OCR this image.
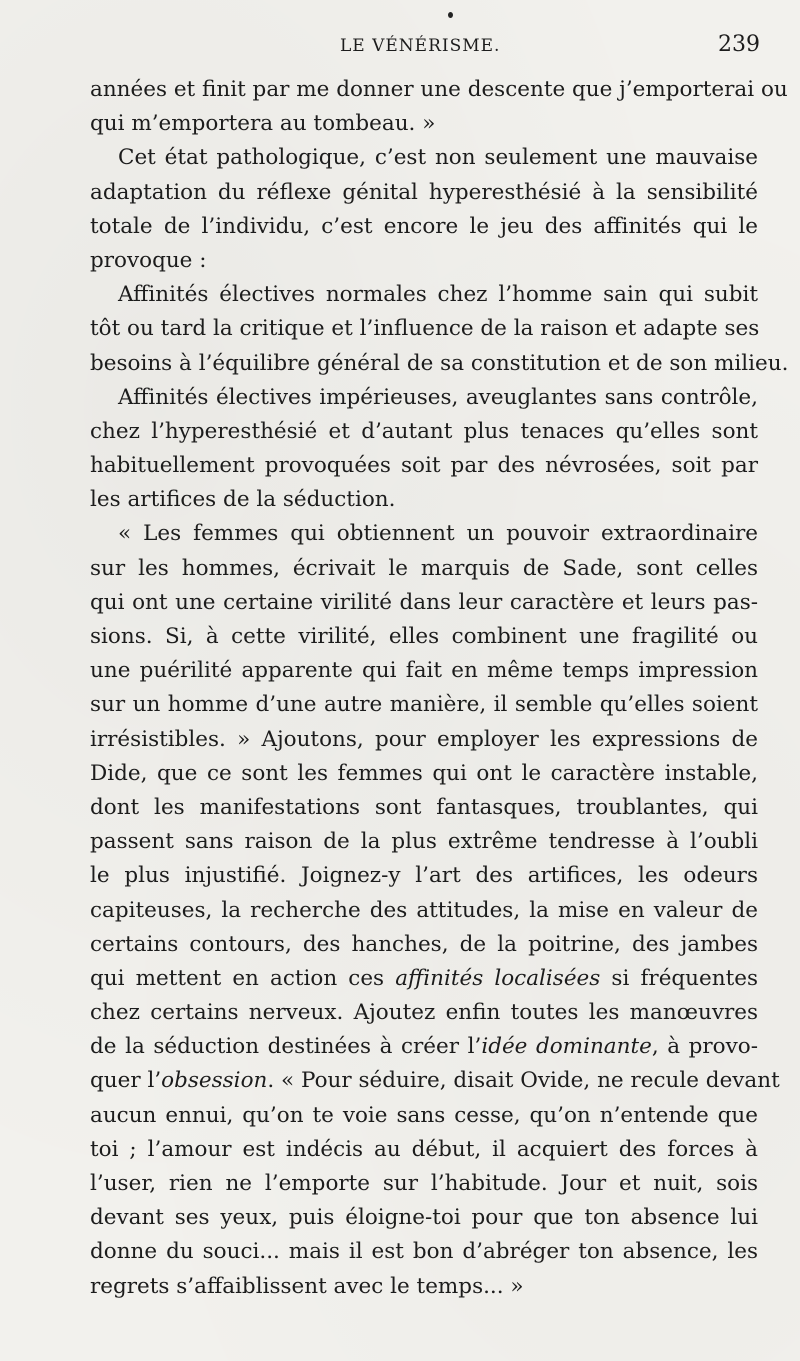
LE VÉNÉRISME.	239
années et finit par me donner une descente que j’emporterai ou
qui m’emportera au tombeau. »
Cet état pathologique, c’est non seulement une mauvaise
adaptation du réflexe génital hyperesthésié à la sensibilité
totale de l’individu, c’est encore le jeu des affinités qui le
provoque :
Affinités électives normales chez l’homme sain qui subit
tôt ou tard la critique et l’influence de la raison et adapte ses
besoins à l’équilibre général de sa constitution et de son milieu.
Affinités électives impérieuses, aveuglantes sans contrôle,
chez l’hyperesthésié et d’autant plus tenaces qu’elles sont
habituellement provoquées soit par des névrosées, soit par
les artifices de la séduction.
« Les femmes qui obtiennent un pouvoir extraordinaire
sur les hommes, écrivait le marquis de Sade, sont celles
qui ont une certaine virilité dans leur caractère et leurs pas-
sions. Si, à cette virilité, elles combinent une fragilité ou
une puérilité apparente qui fait en même temps impression
sur un homme d’une autre manière, il semble qu’elles soient
irrésistibles. » Ajoutons, pour employer les expressions de
Dide, que ce sont les femmes qui ont le caractère instable,
dont les manifestations sont fantasques, troublantes, qui
passent sans raison de la plus extrême tendresse à l’oubli
le plus injustifié. Joignez-y l’art des artifices, les odeurs
capiteuses, la recherche des attitudes, la mise en valeur de
certains contours, des hanches, de la poitrine, des jambes
qui mettent en action ces affinités localisées si fréquentes
chez certains nerveux. Ajoutez enfin toutes les manœuvres
de la séduction destinées à créer l’idée dominante, à provo-
quer l’obsession. « Pour séduire, disait Ovide, ne recule devant
aucun ennui, qu’on te voie sans cesse, qu’on n’entende que
toi ; l’amour est indécis au début, il acquiert des forces à
l’user, rien ne l’emporte sur l’habitude. Jour et nuit, sois
devant ses yeux, puis éloigne-toi pour que ton absence lui
donne du souci... mais il est bon d’abréger ton absence, les
regrets s’affaiblissent avec le temps... »
